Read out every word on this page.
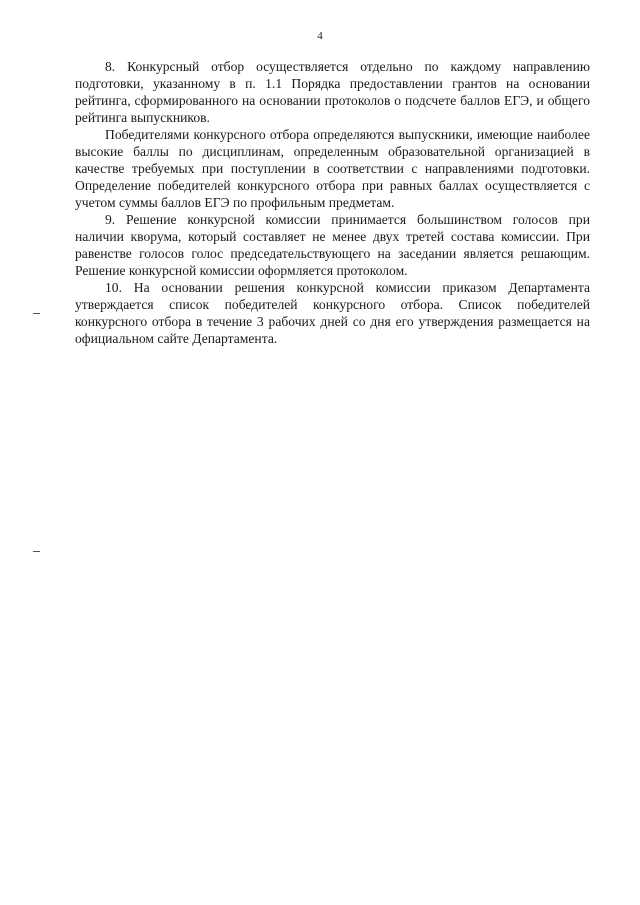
4

8. Конкурсный отбор осуществляется отдельно по каждому направлению подготовки, указанному в п. 1.1 Порядка предоставлении грантов на основании рейтинга, сформированного на основании протоколов о подсчете баллов ЕГЭ, и общего рейтинга выпускников.

Победителями конкурсного отбора определяются выпускники, имеющие наиболее высокие баллы по дисциплинам, определенным образовательной организацией в качестве требуемых при поступлении в соответствии с направлениями подготовки. Определение победителей конкурсного отбора при равных баллах осуществляется с учетом суммы баллов ЕГЭ по профильным предметам.

9. Решение конкурсной комиссии принимается большинством голосов при наличии кворума, который составляет не менее двух третей состава комиссии. При равенстве голосов голос председательствующего на заседании является решающим. Решение конкурсной комиссии оформляется протоколом.

10. На основании решения конкурсной комиссии приказом Департамента утверждается список победителей конкурсного отбора. Список победителей конкурсного отбора в течение 3 рабочих дней со дня его утверждения размещается на официальном сайте Департамента.
